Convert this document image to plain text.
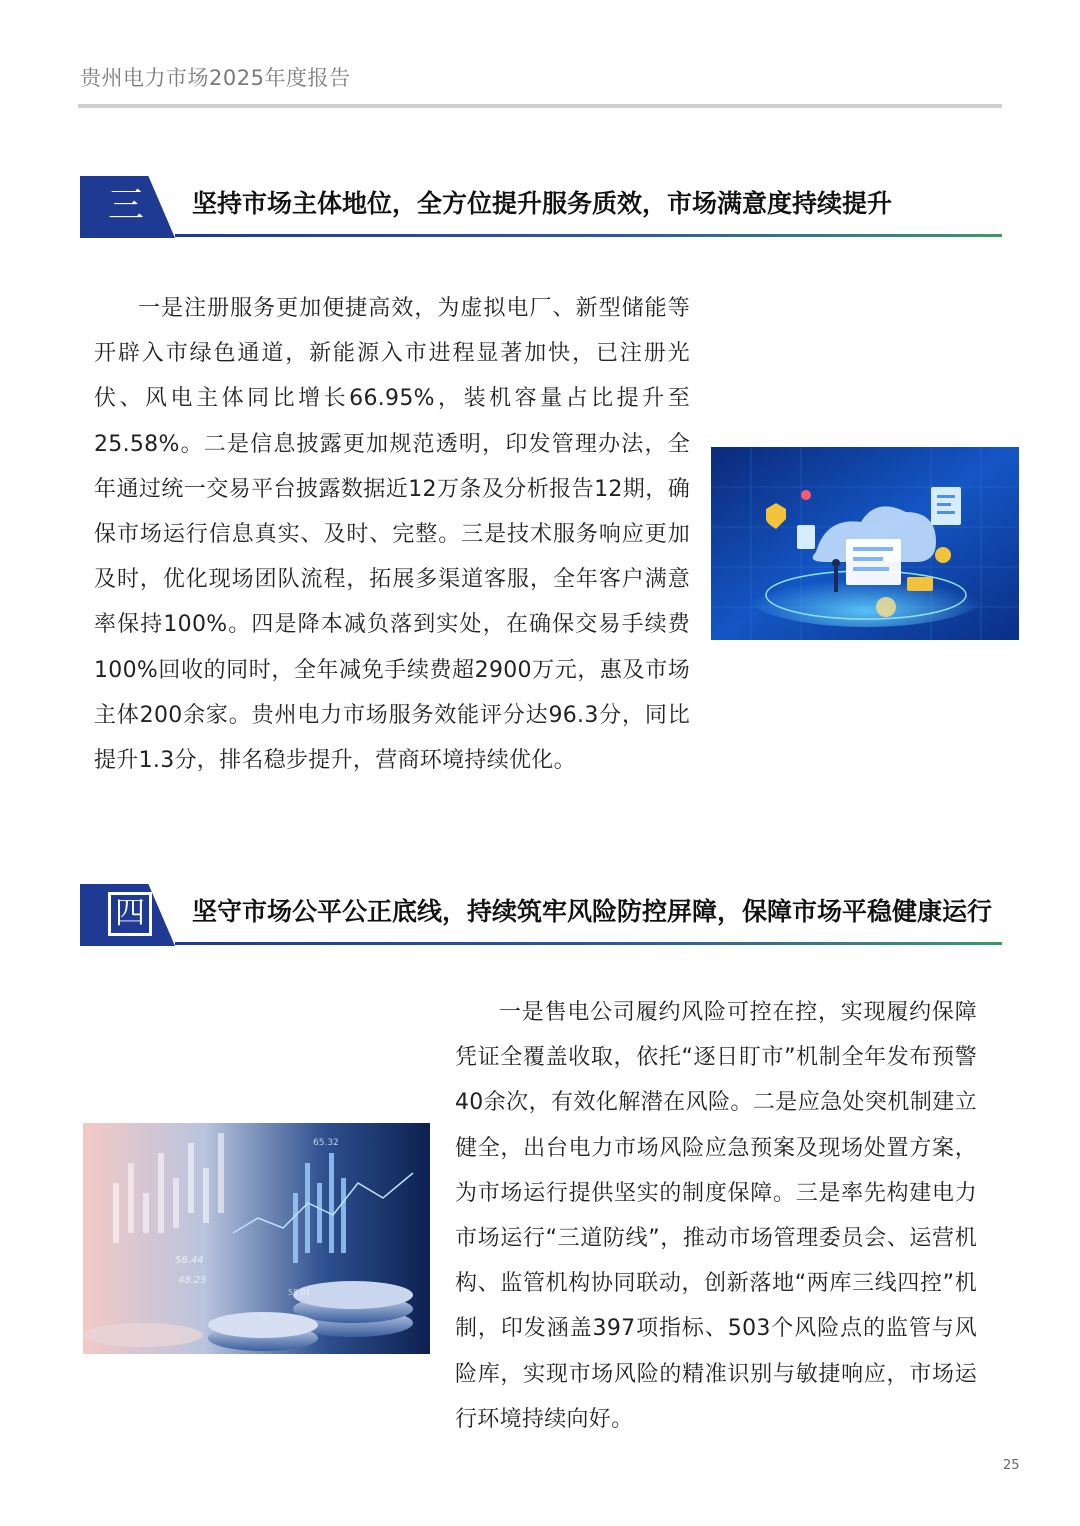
贵州电力市场2025年度报告
三	坚持市场主体地位，全方位提升服务质效，市场满意度持续提升
一是注册服务更加便捷高效，为虚拟电厂、新型储能等开辟入市绿色通道，新能源入市进程显著加快，已注册光伏、风电主体同比增长66.95%，装机容量占比提升至25.58%。二是信息披露更加规范透明，印发管理办法，全年通过统一交易平台披露数据近12万条及分析报告12期，确保市场运行信息真实、及时、完整。三是技术服务响应更加及时，优化现场团队流程，拓展多渠道客服，全年客户满意率保持100%。四是降本减负落到实处，在确保交易手续费100%回收的同时，全年减免手续费超2900万元，惠及市场主体200余家。贵州电力市场服务效能评分达96.3分，同比提升1.3分，排名稳步提升，营商环境持续优化。
四 坚守市场公平公正底线，持续筑牢风险防控屏障，保障市场平稳健康运行
65.32
58.44
48.25
55.01
一是售电公司履约风险可控在控，实现履约保障凭证全覆盖收取，依托“逐日盯市”机制全年发布预警40余次，有效化解潜在风险。二是应急处突机制建立健全，出台电力市场风险应急预案及现场处置方案，为市场运行提供坚实的制度保障。三是率先构建电力市场运行“三道防线”，推动市场管理委员会、运营机构、监管机构协同联动，创新落地“两库三线四控”机制，印发涵盖397项指标、503个风险点的监管与风险库，实现市场风险的精准识别与敏捷响应，市场运行环境持续向好。
25
